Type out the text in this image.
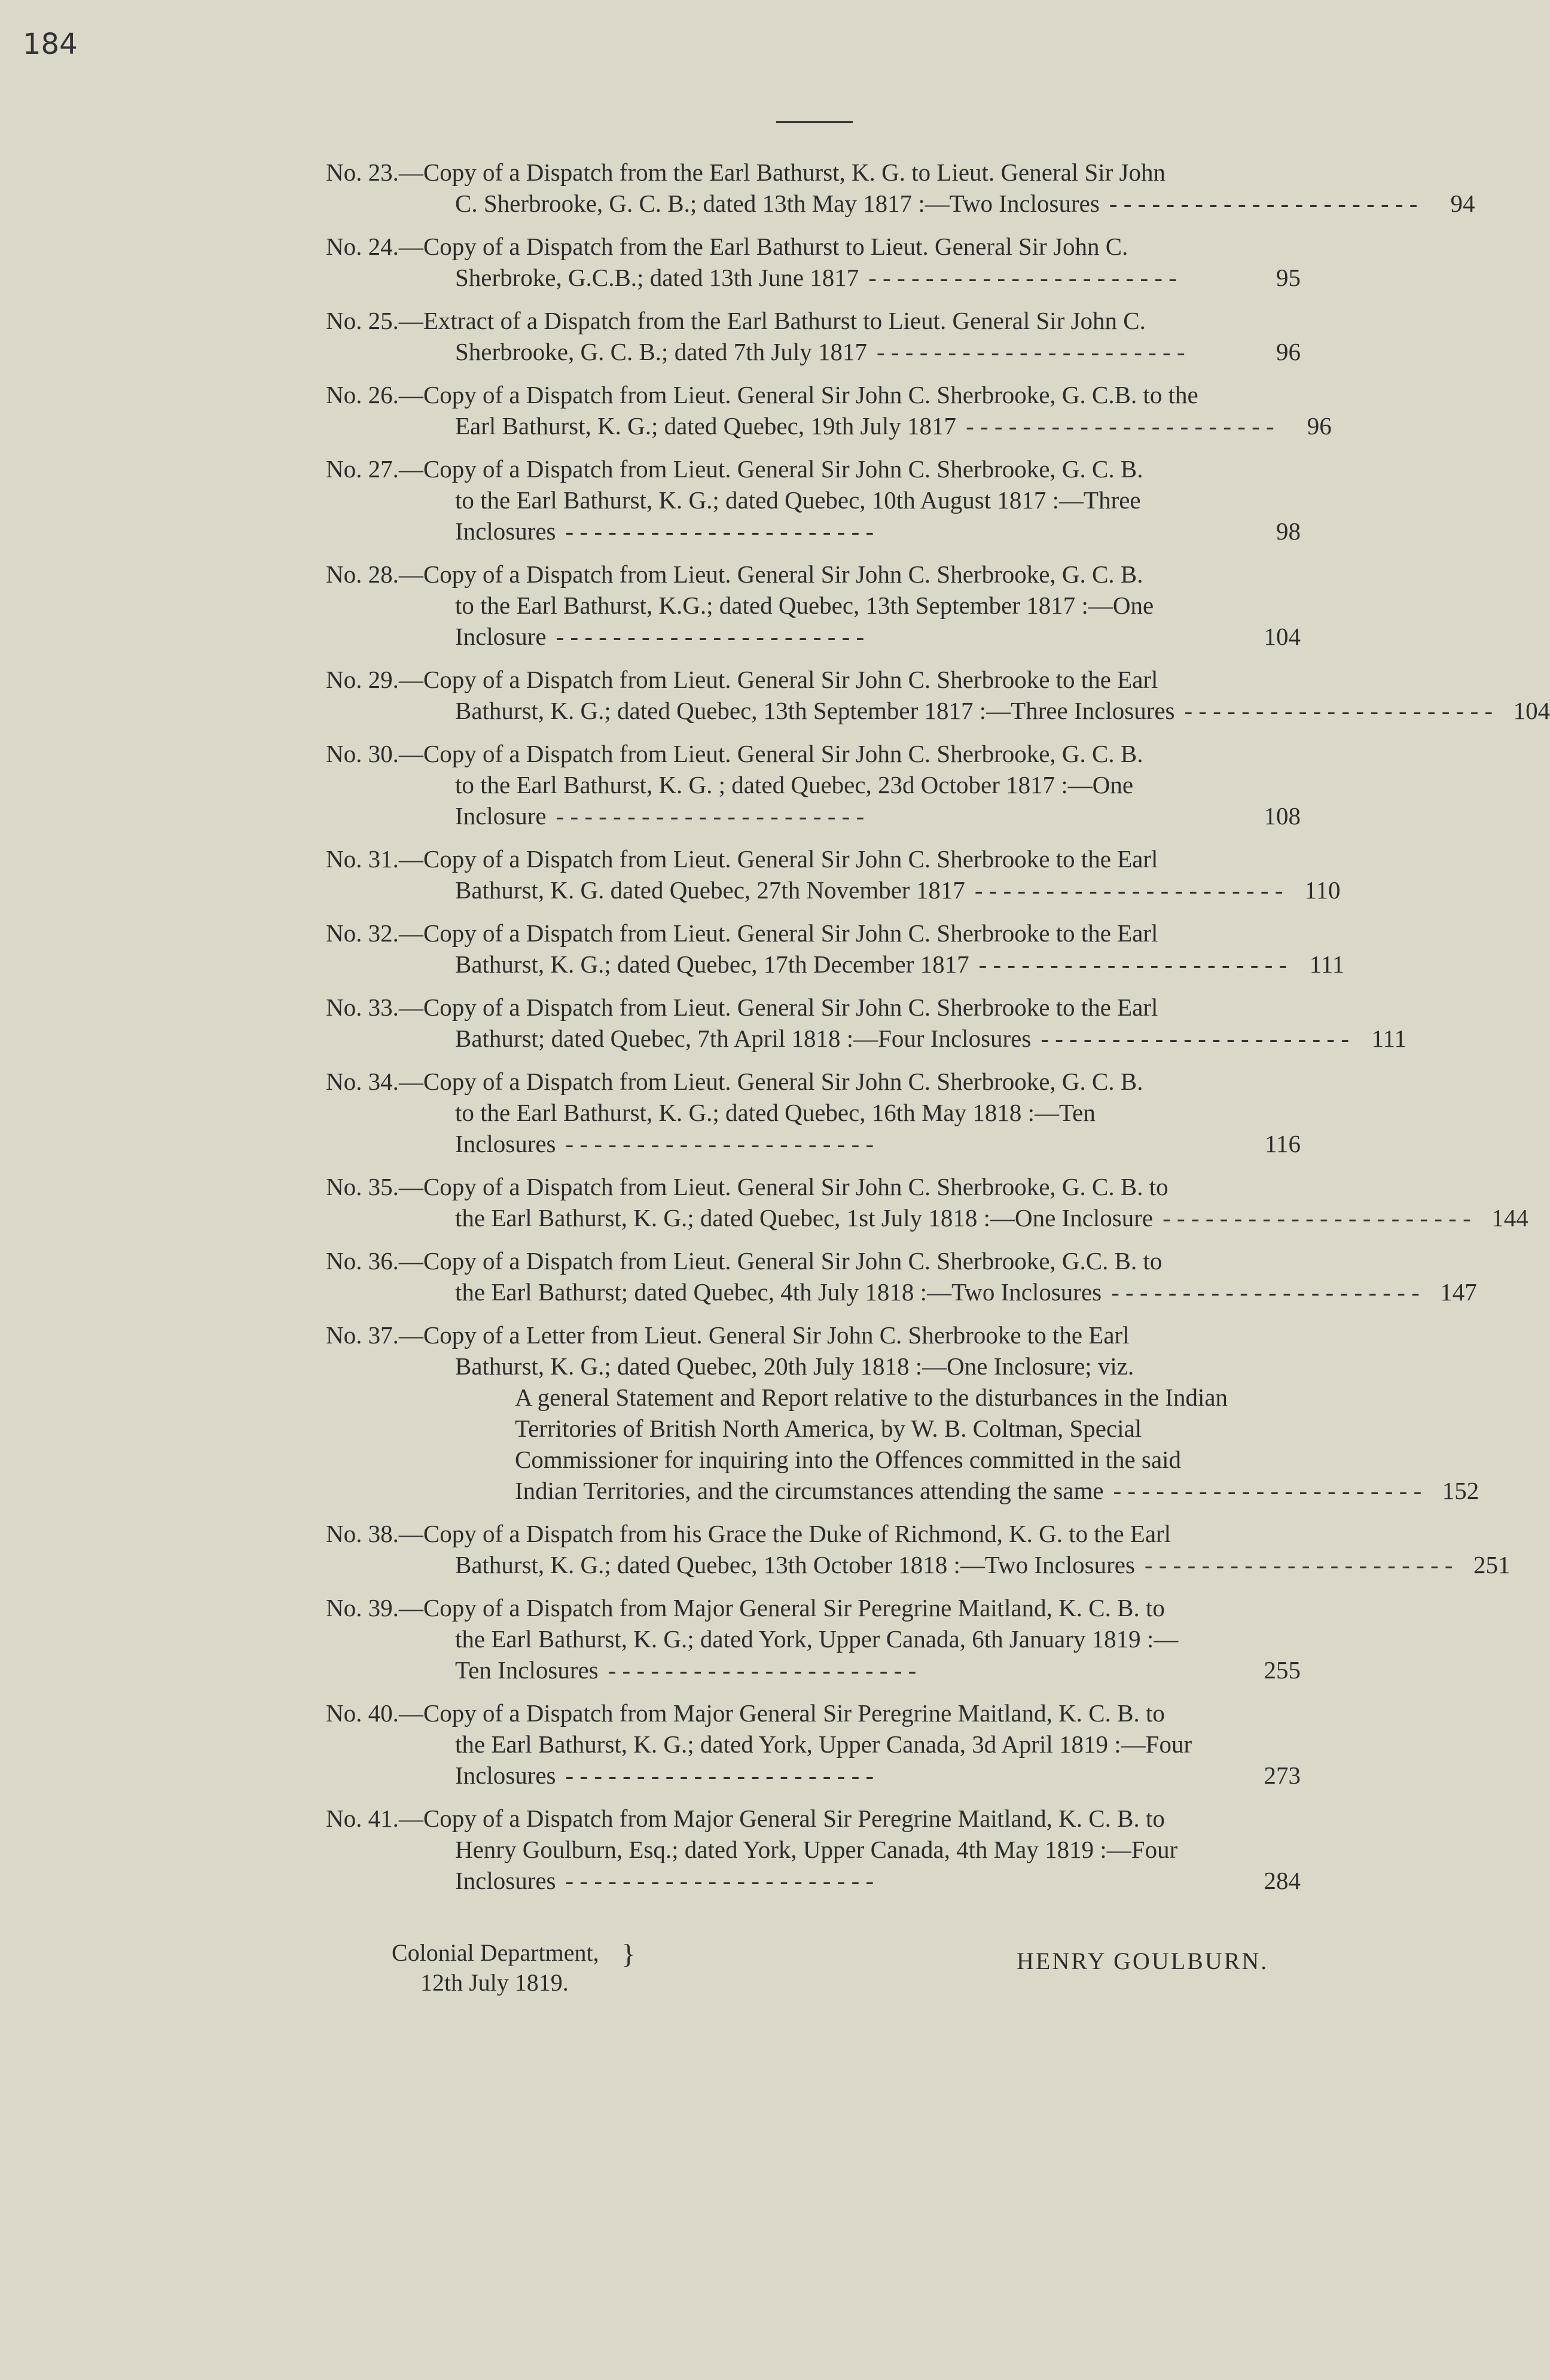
184
No. 23.—Copy of a Dispatch from the Earl Bathurst, K. G. to Lieut. General Sir John
C. Sherbrooke, G. C. B.; dated 13th May 1817 :—Two Inclosures - - - - - - - - - - - - - - - - - - - - - -	94
No. 24.—Copy of a Dispatch from the Earl Bathurst to Lieut. General Sir John C.
Sherbroke, G.C.B.; dated 13th June 1817 - - - - - - - - - - - - - - - - - - - - - -	95
No. 25.—Extract of a Dispatch from the Earl Bathurst to Lieut. General Sir John C.
Sherbrooke, G. C. B.; dated 7th July 1817 - - - - - - - - - - - - - - - - - - - - - -	96
No. 26.—Copy of a Dispatch from Lieut. General Sir John C. Sherbrooke, G. C.B. to the
Earl Bathurst, K. G.; dated Quebec, 19th July 1817 - - - - - - - - - - - - - - - - - - - - - -	96
No. 27.—Copy of a Dispatch from Lieut. General Sir John C. Sherbrooke, G. C. B.
to the Earl Bathurst, K. G.; dated Quebec, 10th August 1817 :—Three
Inclosures - - - - - - - - - - - - - - - - - - - - - -	98
No. 28.—Copy of a Dispatch from Lieut. General Sir John C. Sherbrooke, G. C. B.
to the Earl Bathurst, K.G.; dated Quebec, 13th September 1817 :—One
Inclosure - - - - - - - - - - - - - - - - - - - - - -	104
No. 29.—Copy of a Dispatch from Lieut. General Sir John C. Sherbrooke to the Earl
Bathurst, K. G.; dated Quebec, 13th September 1817 :—Three Inclosures - - - - - - - - - - - - - - - - - - - - - - 104
No. 30.—Copy of a Dispatch from Lieut. General Sir John C. Sherbrooke, G. C. B.
to the Earl Bathurst, K. G. ; dated Quebec, 23d October 1817 :—One
Inclosure - - - - - - - - - - - - - - - - - - - - - -	108
No. 31.—Copy of a Dispatch from Lieut. General Sir John C. Sherbrooke to the Earl
Bathurst, K. G. dated Quebec, 27th November 1817 - - - - - - - - - - - - - - - - - - - - - - 110
No. 32.—Copy of a Dispatch from Lieut. General Sir John C. Sherbrooke to the Earl
Bathurst, K. G.; dated Quebec, 17th December 1817 - - - - - - - - - - - - - - - - - - - - - - 111
No. 33.—Copy of a Dispatch from Lieut. General Sir John C. Sherbrooke to the Earl
Bathurst; dated Quebec, 7th April 1818 :—Four Inclosures - - - - - - - - - - - - - - - - - - - - - - 111
No. 34.—Copy of a Dispatch from Lieut. General Sir John C. Sherbrooke, G. C. B.
to the Earl Bathurst, K. G.; dated Quebec, 16th May 1818 :—Ten
Inclosures - - - - - - - - - - - - - - - - - - - - - -	116
No. 35.—Copy of a Dispatch from Lieut. General Sir John C. Sherbrooke, G. C. B. to
the Earl Bathurst, K. G.; dated Quebec, 1st July 1818 :—One Inclosure - - - - - - - - - - - - - - - - - - - - - - 144
No. 36.—Copy of a Dispatch from Lieut. General Sir John C. Sherbrooke, G.C. B. to
the Earl Bathurst; dated Quebec, 4th July 1818 :—Two Inclosures - - - - - - - - - - - - - - - - - - - - - - 147
No. 37.—Copy of a Letter from Lieut. General Sir John C. Sherbrooke to the Earl
Bathurst, K. G.; dated Quebec, 20th July 1818 :—One Inclosure; viz.
A general Statement and Report relative to the disturbances in the Indian
Territories of British North America, by W. B. Coltman, Special
Commissioner for inquiring into the Offences committed in the said
Indian Territories, and the circumstances attending the same - - - - - - - - - - - - - - - - - - - - - - 152
No. 38.—Copy of a Dispatch from his Grace the Duke of Richmond, K. G. to the Earl
Bathurst, K. G.; dated Quebec, 13th October 1818 :—Two Inclosures - - - - - - - - - - - - - - - - - - - - - - 251
No. 39.—Copy of a Dispatch from Major General Sir Peregrine Maitland, K. C. B. to
the Earl Bathurst, K. G.; dated York, Upper Canada, 6th January 1819 :—
Ten Inclosures - - - - - - - - - - - - - - - - - - - - - -	255
No. 40.—Copy of a Dispatch from Major General Sir Peregrine Maitland, K. C. B. to
the Earl Bathurst, K. G.; dated York, Upper Canada, 3d April 1819 :—Four
Inclosures - - - - - - - - - - - - - - - - - - - - - -	273
No. 41.—Copy of a Dispatch from Major General Sir Peregrine Maitland, K. C. B. to
Henry Goulburn, Esq.; dated York, Upper Canada, 4th May 1819 :—Four
Inclosures - - - - - - - - - - - - - - - - - - - - - -	284
Colonial Department,
12th July 1819.
}	HENRY GOULBURN.
